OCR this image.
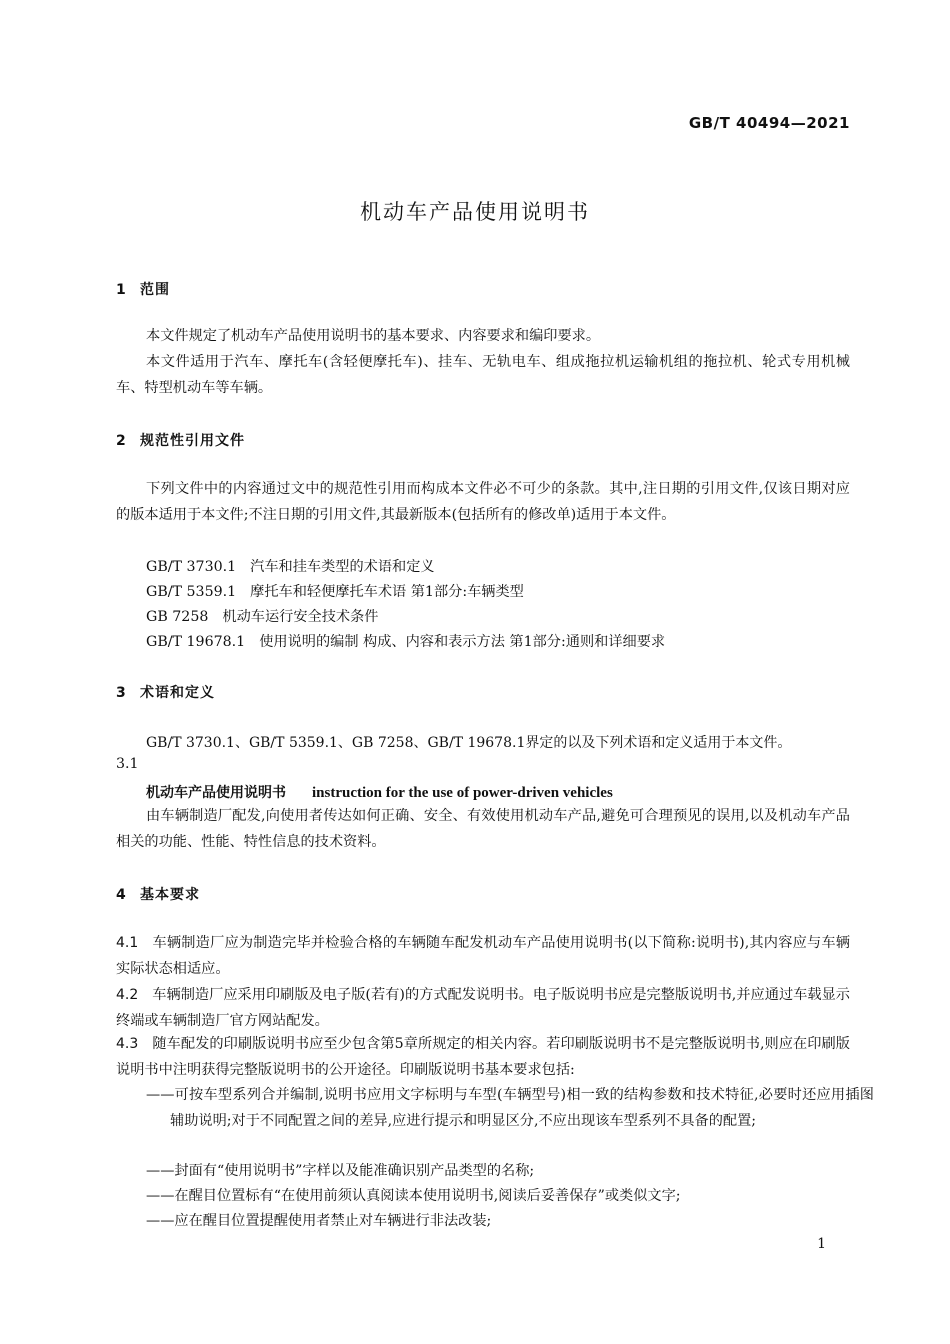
GB/T 40494—2021
机动车产品使用说明书
1 范围
本文件规定了机动车产品使用说明书的基本要求、内容要求和编印要求。
本文件适用于汽车、摩托车(含轻便摩托车)、挂车、无轨电车、组成拖拉机运输机组的拖拉机、轮式专用机械车、特型机动车等车辆。
2 规范性引用文件
下列文件中的内容通过文中的规范性引用而构成本文件必不可少的条款。其中,注日期的引用文件,仅该日期对应的版本适用于本文件;不注日期的引用文件,其最新版本(包括所有的修改单)适用于本文件。
GB/T 3730.1 汽车和挂车类型的术语和定义
GB/T 5359.1 摩托车和轻便摩托车术语 第1部分:车辆类型
GB 7258 机动车运行安全技术条件
GB/T 19678.1 使用说明的编制 构成、内容和表示方法 第1部分:通则和详细要求
3 术语和定义
GB/T 3730.1、GB/T 5359.1、GB 7258、GB/T 19678.1界定的以及下列术语和定义适用于本文件。
3.1
机动车产品使用说明书 instruction for the use of power-driven vehicles
由车辆制造厂配发,向使用者传达如何正确、安全、有效使用机动车产品,避免可合理预见的误用,以及机动车产品相关的功能、性能、特性信息的技术资料。
4 基本要求
4.1 车辆制造厂应为制造完毕并检验合格的车辆随车配发机动车产品使用说明书(以下简称:说明书),其内容应与车辆实际状态相适应。
4.2 车辆制造厂应采用印刷版及电子版(若有)的方式配发说明书。电子版说明书应是完整版说明书,并应通过车载显示终端或车辆制造厂官方网站配发。
4.3 随车配发的印刷版说明书应至少包含第5章所规定的相关内容。若印刷版说明书不是完整版说明书,则应在印刷版说明书中注明获得完整版说明书的公开途径。印刷版说明书基本要求包括:
——可按车型系列合并编制,说明书应用文字标明与车型(车辆型号)相一致的结构参数和技术特征,必要时还应用插图辅助说明;对于不同配置之间的差异,应进行提示和明显区分,不应出现该车型系列不具备的配置;
——封面有“使用说明书”字样以及能准确识别产品类型的名称;
——在醒目位置标有“在使用前须认真阅读本使用说明书,阅读后妥善保存”或类似文字;
——应在醒目位置提醒使用者禁止对车辆进行非法改装;
1
